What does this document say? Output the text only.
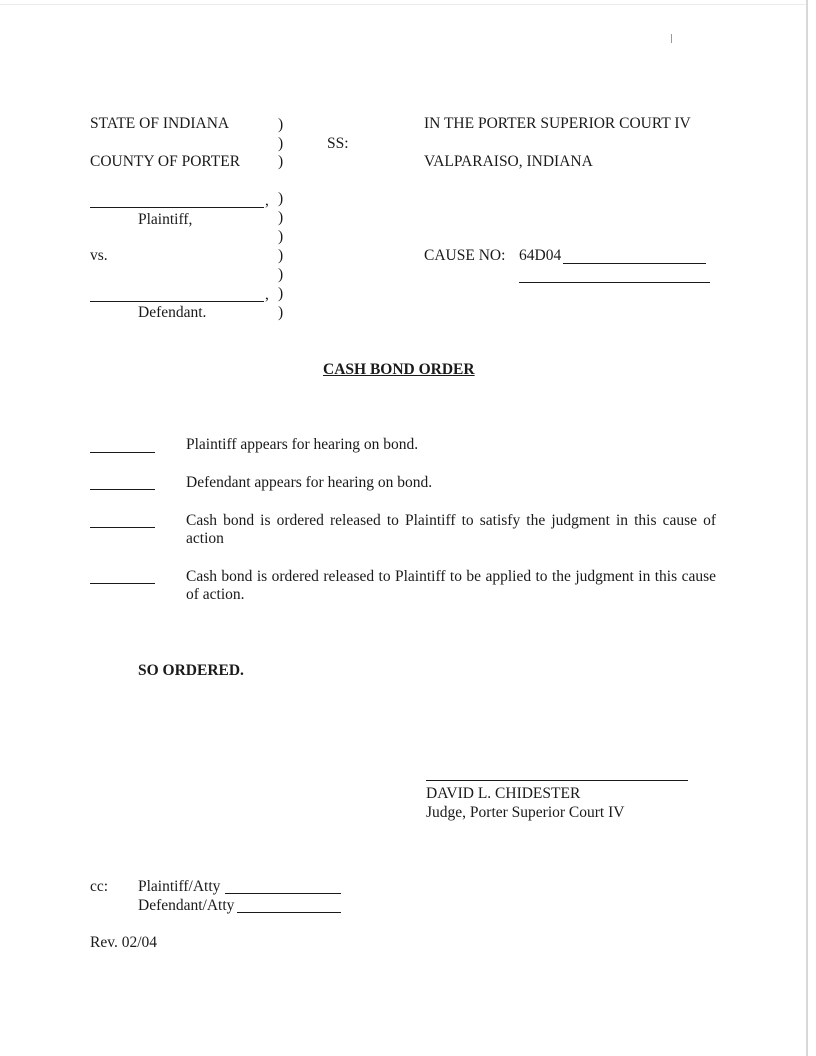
STATE OF INDIANA
COUNTY OF PORTER
SS:
IN THE PORTER SUPERIOR COURT IV
VALPARAISO, INDIANA
)
)
)
)
)
)
)
)
)
)
,
Plaintiff,
vs.
,
Defendant.
CAUSE NO: 64D04
CASH BOND ORDER
Plaintiff appears for hearing on bond.
Defendant appears for hearing on bond.
Cash bond is ordered released to Plaintiff to satisfy the judgment in this cause of action
Cash bond is ordered released to Plaintiff to be applied to the judgment in this cause of action.
SO ORDERED.
DAVID L. CHIDESTER
Judge, Porter Superior Court IV
cc: Plaintiff/Atty
Defendant/Atty
Rev. 02/04
